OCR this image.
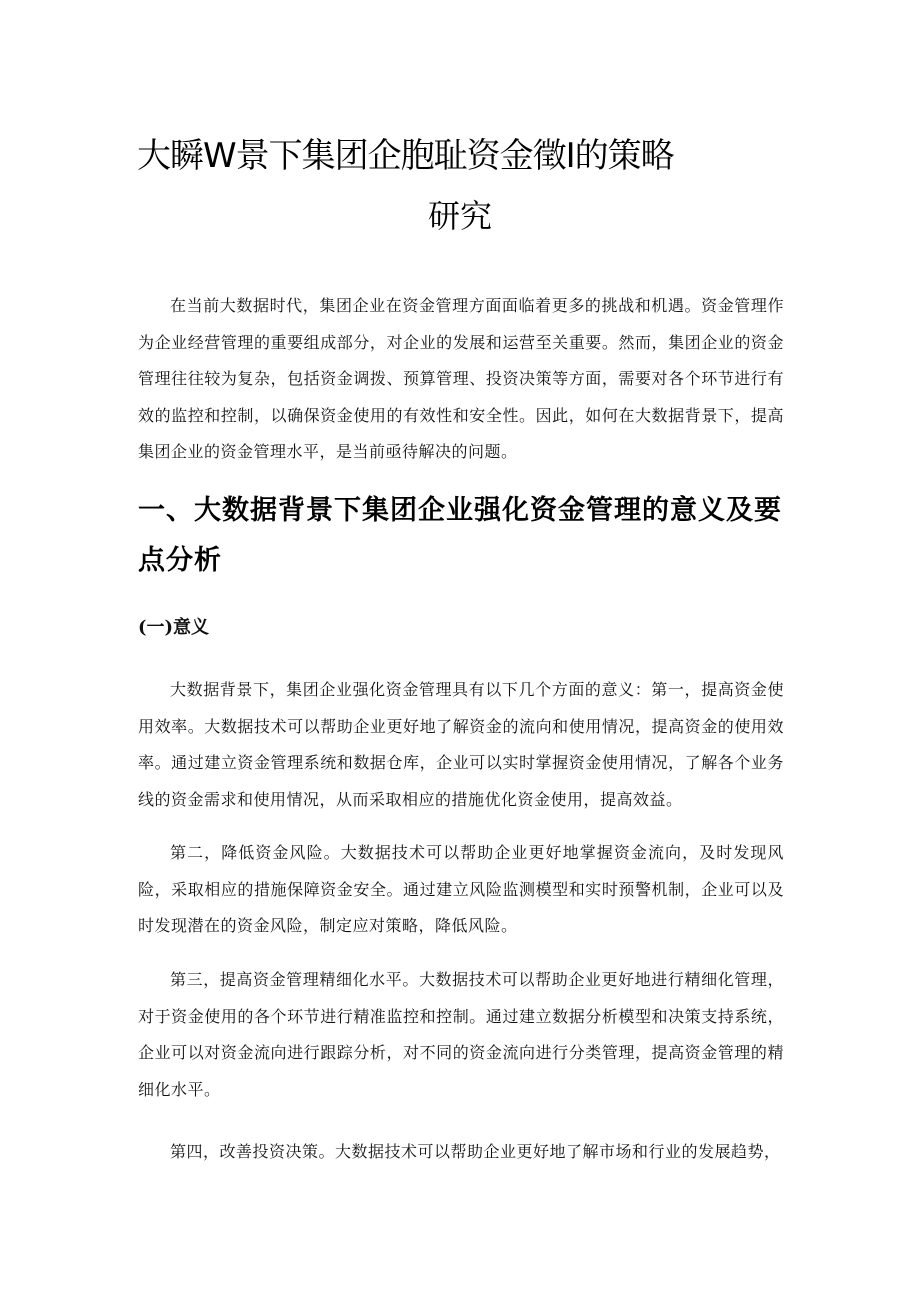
大瞬W景下集团企胞耻资金徵I的策略
研究

在当前大数据时代，集团企业在资金管理方面面临着更多的挑战和机遇。资金管理作为企业经营管理的重要组成部分，对企业的发展和运营至关重要。然而，集团企业的资金管理往往较为复杂，包括资金调拨、预算管理、投资决策等方面，需要对各个环节进行有效的监控和控制，以确保资金使用的有效性和安全性。因此，如何在大数据背景下，提高集团企业的资金管理水平，是当前亟待解决的问题。

一、大数据背景下集团企业强化资金管理的意义及要点分析
(一)意义

大数据背景下，集团企业强化资金管理具有以下几个方面的意义：第一，提高资金使用效率。大数据技术可以帮助企业更好地了解资金的流向和使用情况，提高资金的使用效率。通过建立资金管理系统和数据仓库，企业可以实时掌握资金使用情况，了解各个业务线的资金需求和使用情况，从而采取相应的措施优化资金使用，提高效益。

第二，降低资金风险。大数据技术可以帮助企业更好地掌握资金流向，及时发现风险，采取相应的措施保障资金安全。通过建立风险监测模型和实时预警机制，企业可以及时发现潜在的资金风险，制定应对策略，降低风险。

第三，提高资金管理精细化水平。大数据技术可以帮助企业更好地进行精细化管理，对于资金使用的各个环节进行精准监控和控制。通过建立数据分析模型和决策支持系统，企业可以对资金流向进行跟踪分析，对不同的资金流向进行分类管理，提高资金管理的精细化水平。

第四，改善投资决策。大数据技术可以帮助企业更好地了解市场和行业的发展趋势，
